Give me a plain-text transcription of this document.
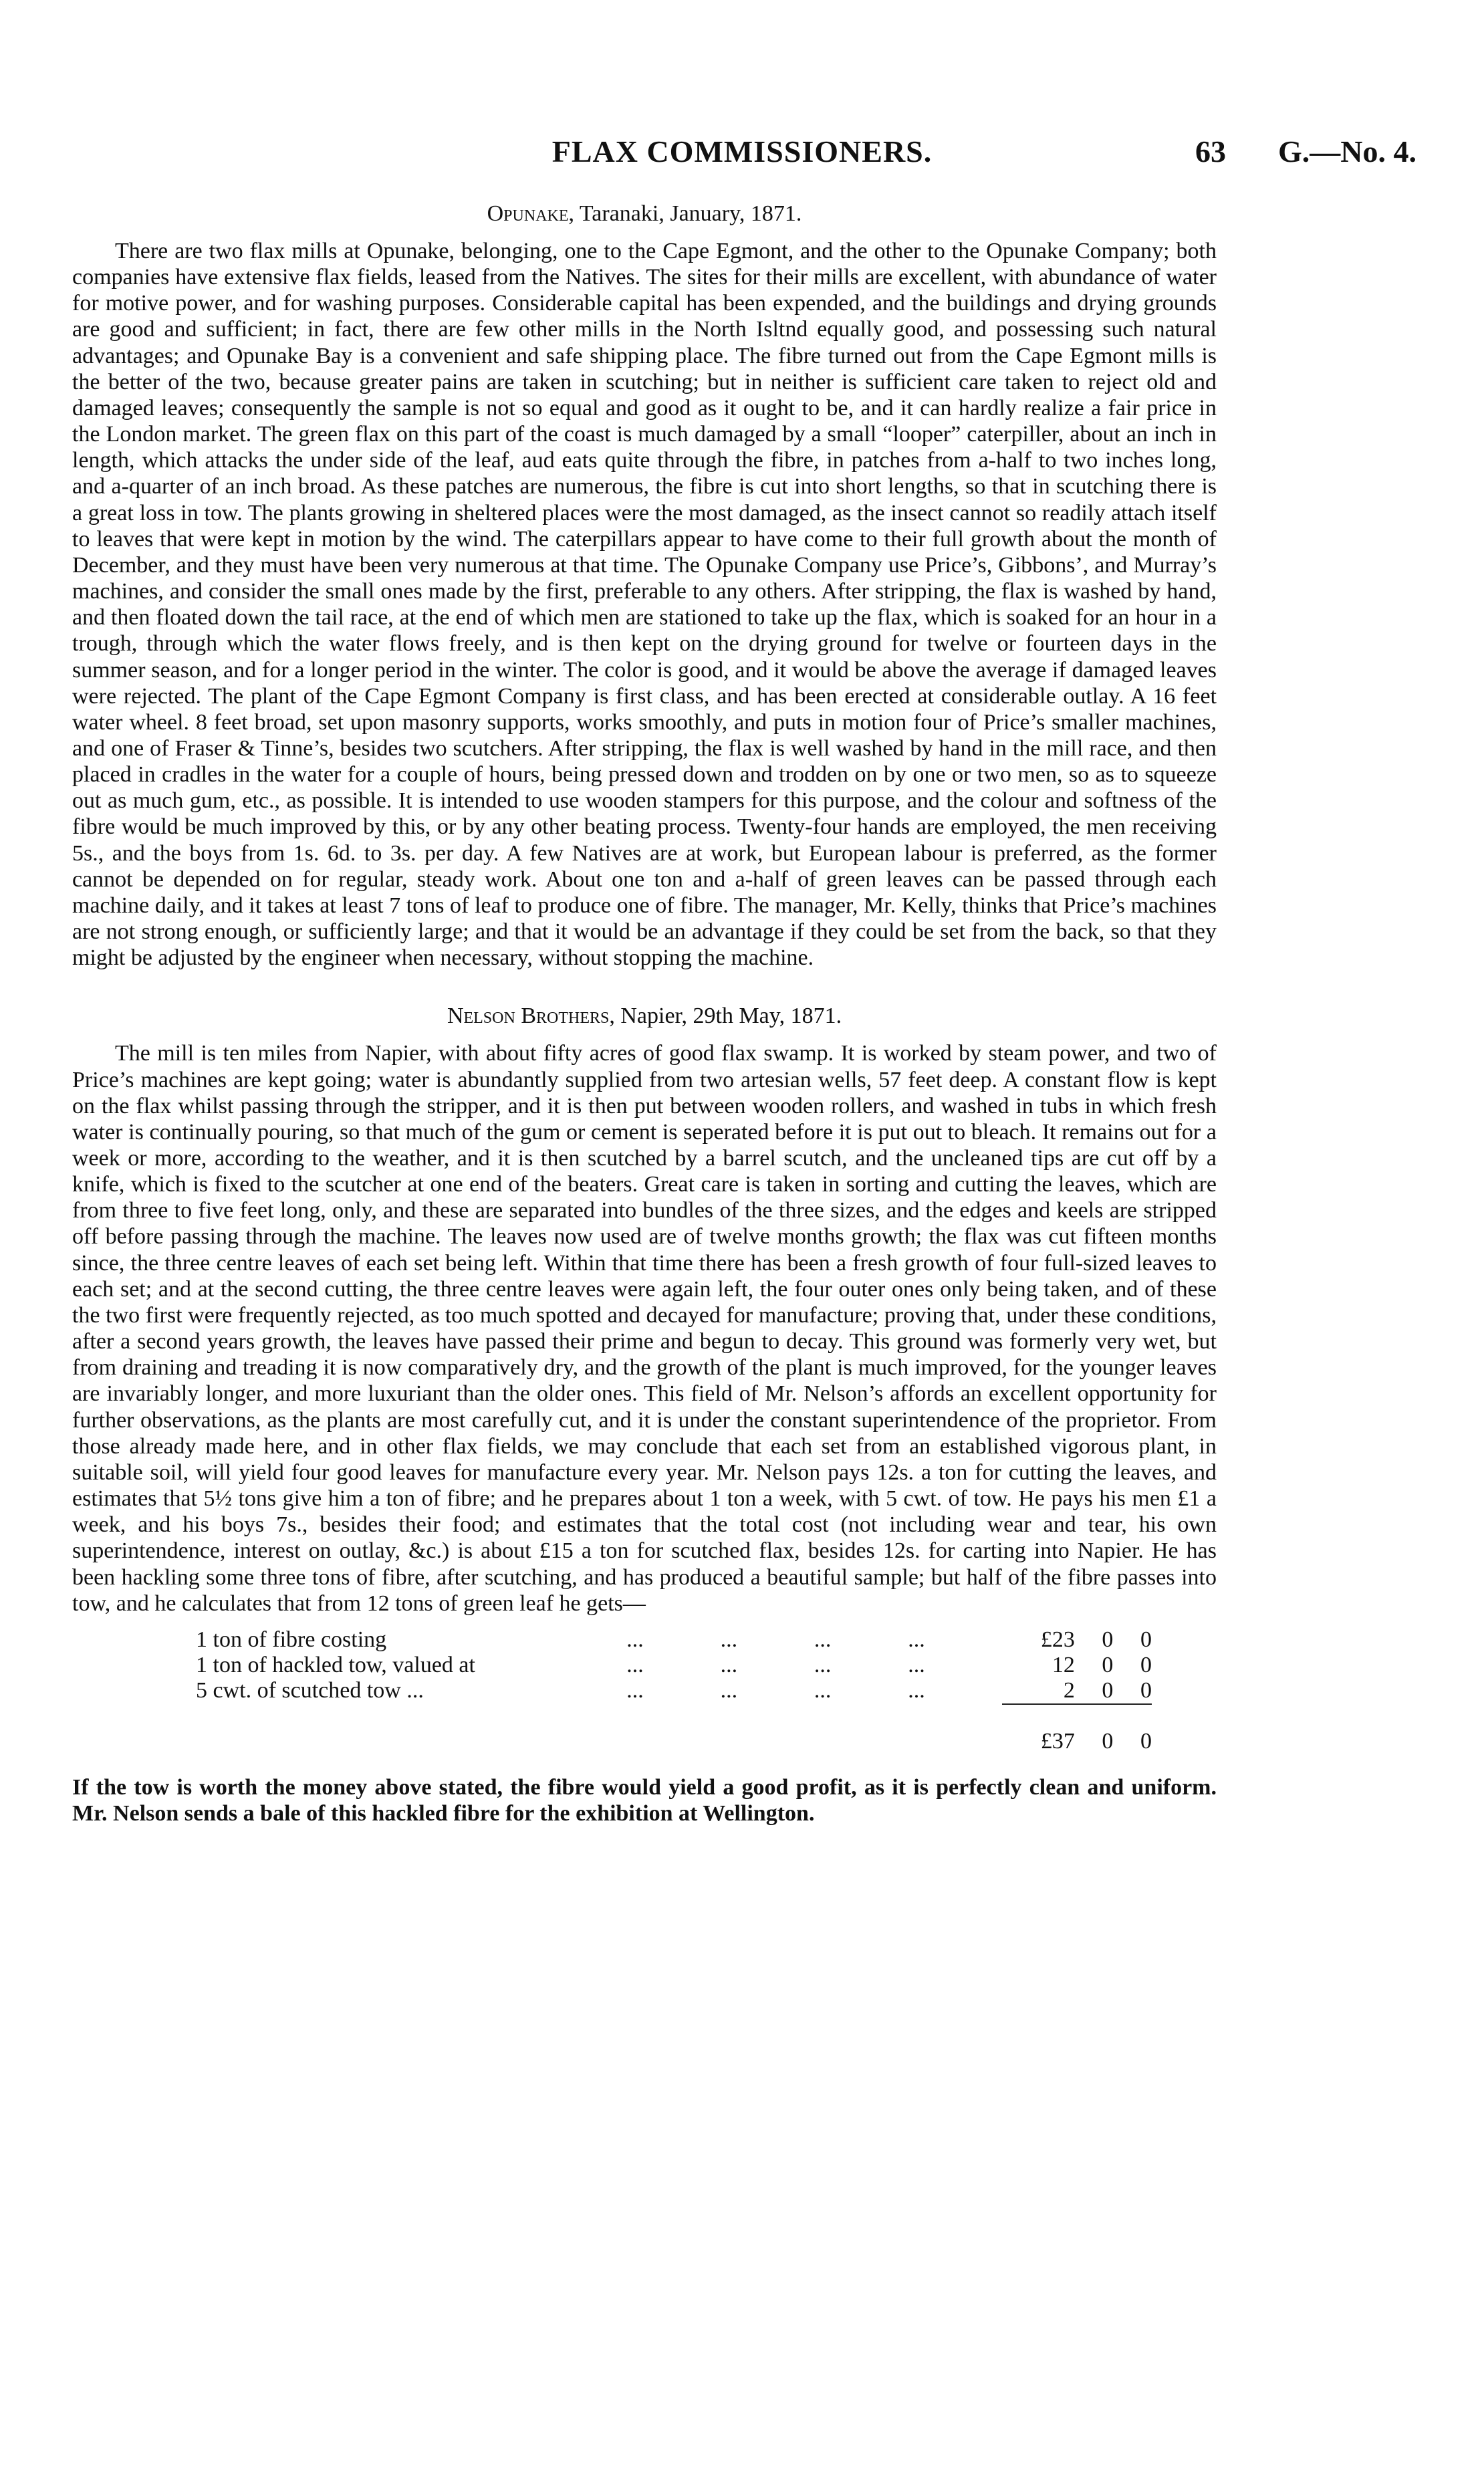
FLAX COMMISSIONERS.	63 G.—No. 4.
Opunake, Taranaki, January, 1871.

There are two flax mills at Opunake, belonging, one to the Cape Egmont, and the other to the Opunake Company; both companies have extensive flax fields, leased from the Natives. The sites for their mills are excellent, with abundance of water for motive power, and for washing purposes. Considerable capital has been expended, and the buildings and drying grounds are good and sufficient; in fact, there are few other mills in the North Isltnd equally good, and possessing such natural advantages; and Opunake Bay is a convenient and safe shipping place. The fibre turned out from the Cape Egmont mills is the better of the two, because greater pains are taken in scutching; but in neither is sufficient care taken to reject old and damaged leaves; consequently the sample is not so equal and good as it ought to be, and it can hardly realize a fair price in the London market. The green flax on this part of the coast is much damaged by a small “looper” caterpiller, about an inch in length, which attacks the under side of the leaf, aud eats quite through the fibre, in patches from a-half to two inches long, and a-quarter of an inch broad. As these patches are numerous, the fibre is cut into short lengths, so that in scutching there is a great loss in tow. The plants growing in sheltered places were the most damaged, as the insect cannot so readily attach itself to leaves that were kept in motion by the wind. The caterpillars appear to have come to their full growth about the month of December, and they must have been very numerous at that time. The Opunake Company use Price’s, Gibbons’, and Murray’s machines, and consider the small ones made by the first, preferable to any others. After stripping, the flax is washed by hand, and then floated down the tail race, at the end of which men are stationed to take up the flax, which is soaked for an hour in a trough, through which the water flows freely, and is then kept on the drying ground for twelve or fourteen days in the summer season, and for a longer period in the winter. The color is good, and it would be above the average if damaged leaves were rejected. The plant of the Cape Egmont Company is first class, and has been erected at considerable outlay. A 16 feet water wheel. 8 feet broad, set upon masonry supports, works smoothly, and puts in motion four of Price’s smaller machines, and one of Fraser & Tinne’s, besides two scutchers. After stripping, the flax is well washed by hand in the mill race, and then placed in cradles in the water for a couple of hours, being pressed down and trodden on by one or two men, so as to squeeze out as much gum, etc., as possible. It is intended to use wooden stampers for this purpose, and the colour and softness of the fibre would be much improved by this, or by any other beating process. Twenty-four hands are employed, the men receiving 5s., and the boys from 1s. 6d. to 3s. per day. A few Natives are at work, but European labour is preferred, as the former cannot be depended on for regular, steady work. About one ton and a-half of green leaves can be passed through each machine daily, and it takes at least 7 tons of leaf to produce one of fibre. The manager, Mr. Kelly, thinks that Price’s machines are not strong enough, or sufficiently large; and that it would be an advantage if they could be set from the back, so that they might be adjusted by the engineer when necessary, without stopping the machine.

Nelson Brothers, Napier, 29th May, 1871.

The mill is ten miles from Napier, with about fifty acres of good flax swamp. It is worked by steam power, and two of Price’s machines are kept going; water is abundantly supplied from two artesian wells, 57 feet deep. A constant flow is kept on the flax whilst passing through the stripper, and it is then put between wooden rollers, and washed in tubs in which fresh water is continually pouring, so that much of the gum or cement is seperated before it is put out to bleach. It remains out for a week or more, according to the weather, and it is then scutched by a barrel scutch, and the uncleaned tips are cut off by a knife, which is fixed to the scutcher at one end of the beaters. Great care is taken in sorting and cutting the leaves, which are from three to five feet long, only, and these are separated into bundles of the three sizes, and the edges and keels are stripped off before passing through the machine. The leaves now used are of twelve months growth; the flax was cut fifteen months since, the three centre leaves of each set being left. Within that time there has been a fresh growth of four full-sized leaves to each set; and at the second cutting, the three centre leaves were again left, the four outer ones only being taken, and of these the two first were frequently rejected, as too much spotted and decayed for manufacture; proving that, under these conditions, after a second years growth, the leaves have passed their prime and begun to decay. This ground was formerly very wet, but from draining and treading it is now comparatively dry, and the growth of the plant is much improved, for the younger leaves are invariably longer, and more luxuriant than the older ones. This field of Mr. Nelson’s affords an excellent opportunity for further observations, as the plants are most carefully cut, and it is under the constant superintendence of the proprietor. From those already made here, and in other flax fields, we may conclude that each set from an established vigorous plant, in suitable soil, will yield four good leaves for manufacture every year. Mr. Nelson pays 12s. a ton for cutting the leaves, and estimates that 5½ tons give him a ton of fibre; and he prepares about 1 ton a week, with 5 cwt. of tow. He pays his men £1 a week, and his boys 7s., besides their food; and estimates that the total cost (not including wear and tear, his own superintendence, interest on outlay, &c.) is about £15 a ton for scutched flax, besides 12s. for carting into Napier. He has been hackling some three tons of fibre, after scutching, and has produced a beautiful sample; but half of the fibre passes into tow, and he calculates that from 12 tons of green leaf he gets—

1 ton of fibre costing	...	...	...	...	£23	0	0
1 ton of hackled tow, valued at	...	...	...	...	12	0	0
5 cwt. of scutched tow ...	...	...	...	...	2	0	0

					£37	0	0

If the tow is worth the money above stated, the fibre would yield a good profit, as it is perfectly clean and uniform. Mr. Nelson sends a bale of this hackled fibre for the exhibition at Wellington.
